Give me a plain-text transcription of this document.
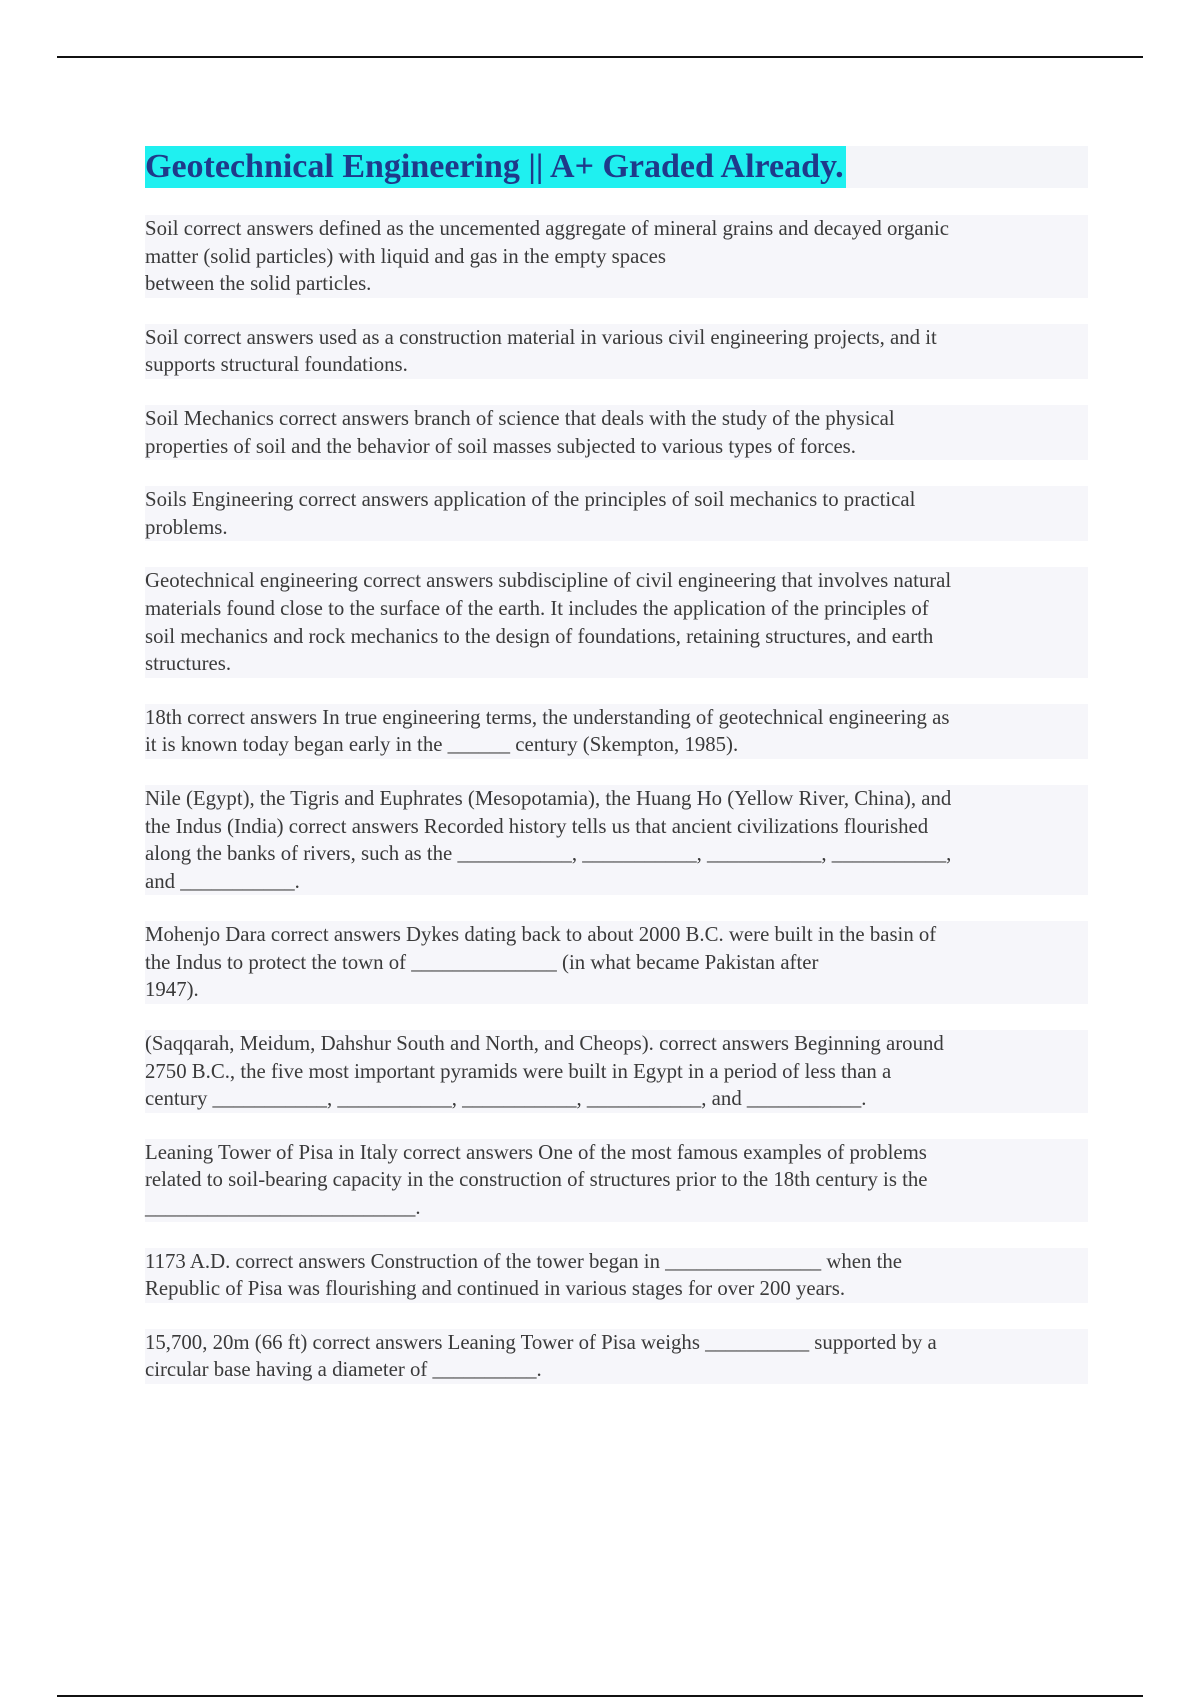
Geotechnical Engineering || A+ Graded Already.

Soil correct answers defined as the uncemented aggregate of mineral grains and decayed organic
matter (solid particles) with liquid and gas in the empty spaces
between the solid particles.

Soil correct answers used as a construction material in various civil engineering projects, and it
supports structural foundations.

Soil Mechanics correct answers branch of science that deals with the study of the physical
properties of soil and the behavior of soil masses subjected to various types of forces.

Soils Engineering correct answers application of the principles of soil mechanics to practical
problems.

Geotechnical engineering correct answers subdiscipline of civil engineering that involves natural
materials found close to the surface of the earth. It includes the application of the principles of
soil mechanics and rock mechanics to the design of foundations, retaining structures, and earth
structures.

18th correct answers In true engineering terms, the understanding of geotechnical engineering as
it is known today began early in the ______ century (Skempton, 1985).

Nile (Egypt), the Tigris and Euphrates (Mesopotamia), the Huang Ho (Yellow River, China), and
the Indus (India) correct answers Recorded history tells us that ancient civilizations flourished
along the banks of rivers, such as the ___________, ___________, ___________, ___________,
and ___________.

Mohenjo Dara correct answers Dykes dating back to about 2000 B.C. were built in the basin of
the Indus to protect the town of ______________ (in what became Pakistan after
1947).

(Saqqarah, Meidum, Dahshur South and North, and Cheops). correct answers Beginning around
2750 B.C., the five most important pyramids were built in Egypt in a period of less than a
century ___________, ___________, ___________, ___________, and ___________.

Leaning Tower of Pisa in Italy correct answers One of the most famous examples of problems
related to soil-bearing capacity in the construction of structures prior to the 18th century is the
__________________________.

1173 A.D. correct answers Construction of the tower began in _______________ when the
Republic of Pisa was flourishing and continued in various stages for over 200 years.

15,700, 20m (66 ft) correct answers Leaning Tower of Pisa weighs __________ supported by a
circular base having a diameter of __________.
